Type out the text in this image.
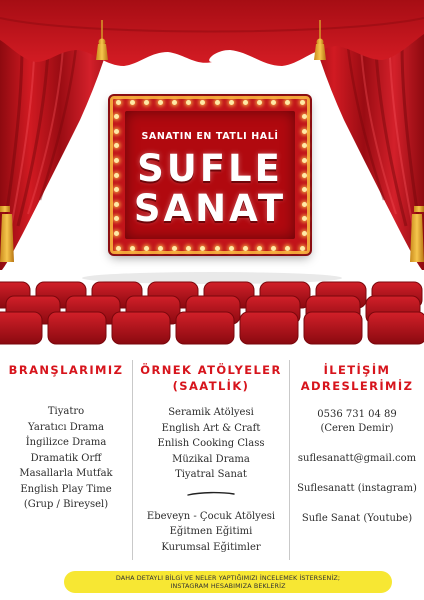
SANATIN EN TATLI HALİ
SUFLE
SANAT
BRANŞLARIMIZ
Tiyatro
Yaratıcı Drama
İngilizce Drama
Dramatik Orff
Masallarla Mutfak
English Play Time
(Grup / Bireysel)
ÖRNEK ATÖLYELER
(SAATLİK)
Seramik Atölyesi
English Art & Craft
Enlish Cooking Class
Müzikal Drama
Tiyatral Sanat
Ebeveyn - Çocuk Atölyesi
Eğitmen Eğitimi
Kurumsal Eğitimler
İLETİŞİM
ADRESLERİMİZ
0536 731 04 89
(Ceren Demir)
suflesanatt@gmail.com
Suflesanatt (instagram)
Sufle Sanat (Youtube)
DAHA DETAYLI BİLGİ VE NELER YAPTIĞIMIZI İNCELEMEK İSTERSENİZ;
INSTAGRAM HESABIMIZA BEKLERİZ
